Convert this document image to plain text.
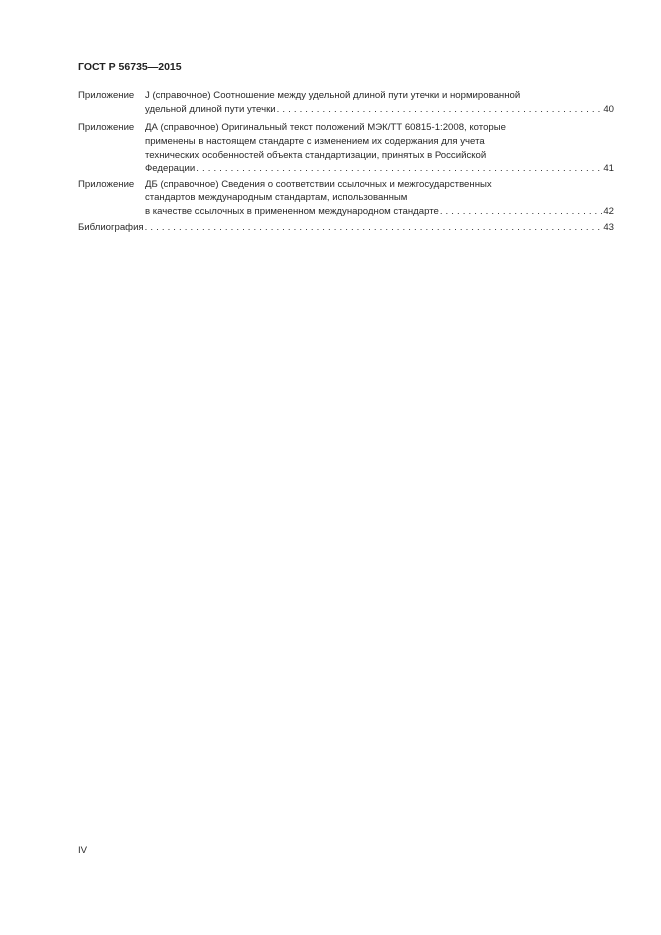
ГОСТ Р 56735—2015
Приложение	J (справочное) Соотношение между удельной длиной пути утечки и нормированной
удельной длиной пути утечки . . .	40
Приложение	ДА (справочное) Оригинальный текст положений МЭК/ТТ 60815-1:2008, которые
применены в настоящем стандарте с изменением их содержания для учета
технических особенностей объекта стандартизации, принятых в Российской
Федерации . . .	41
Приложение	ДБ (справочное) Сведения о соответствии ссылочных и межгосударственных
стандартов международным стандартам, использованным
в качестве ссылочных в примененном международном стандарте . . .	42
Библиография . . .	43
IV
